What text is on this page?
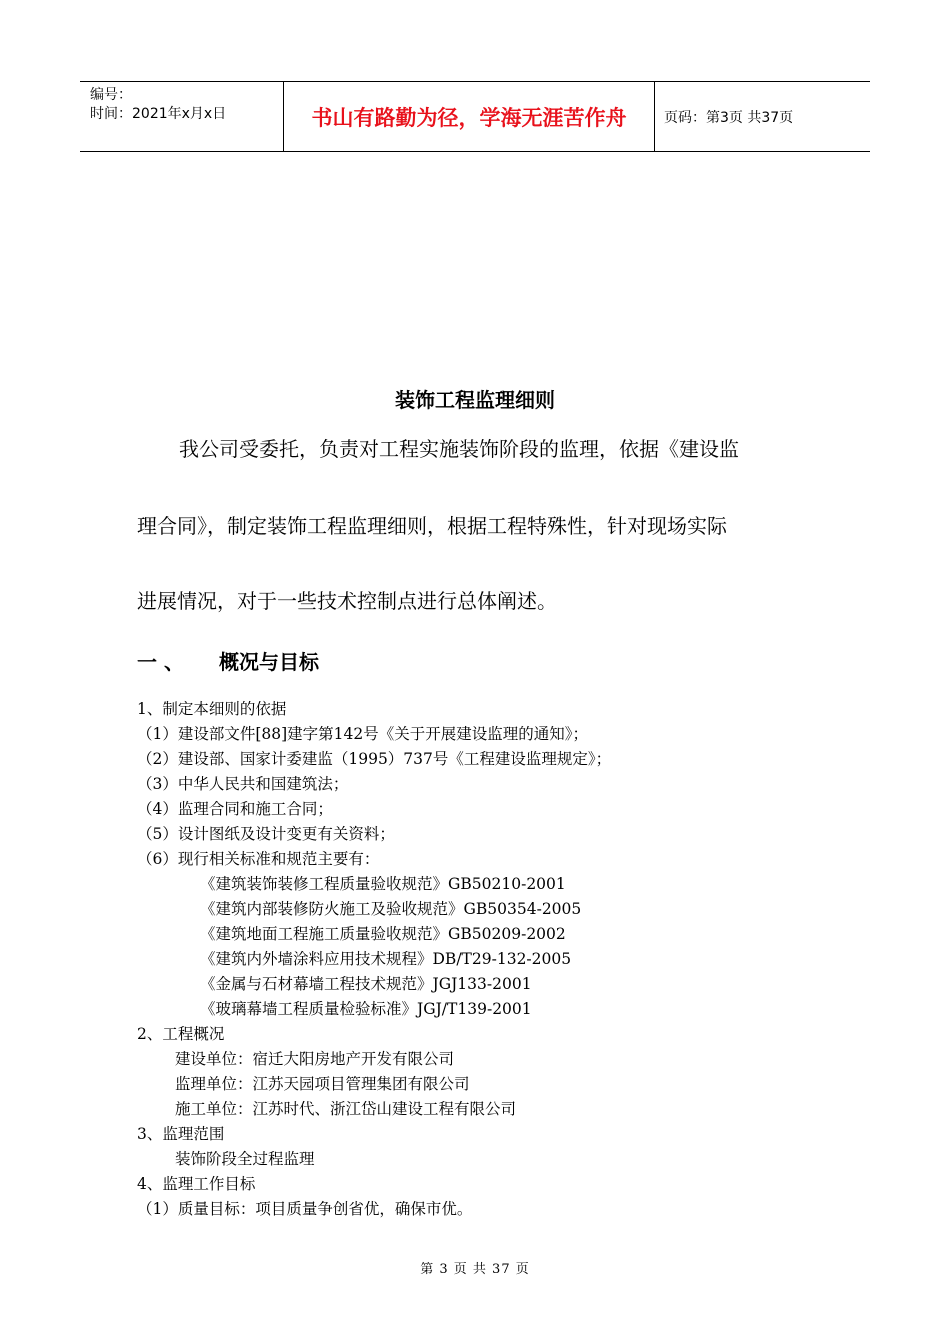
编号：
时间：2021年x月x日	书山有路勤为径，学海无涯苦作舟	页码：第3页 共37页
装饰工程监理细则
我公司受委托，负责对工程实施装饰阶段的监理，依据《建设监
理合同》，制定装饰工程监理细则，根据工程特殊性，针对现场实际
进展情况，对于一些技术控制点进行总体阐述。
一 、 概况与目标
1、制定本细则的依据
（1）建设部文件[88]建字第142号《关于开展建设监理的通知》；
（2）建设部、国家计委建监（1995）737号《工程建设监理规定》；
（3）中华人民共和国建筑法；
（4）监理合同和施工合同；
（5）设计图纸及设计变更有关资料；
（6）现行相关标准和规范主要有：
《建筑装饰装修工程质量验收规范》GB50210-2001
《建筑内部装修防火施工及验收规范》GB50354-2005
《建筑地面工程施工质量验收规范》GB50209-2002
《建筑内外墙涂料应用技术规程》DB/T29-132-2005
《金属与石材幕墙工程技术规范》JGJ133-2001
《玻璃幕墙工程质量检验标准》JGJ/T139-2001
2、工程概况
建设单位：宿迁大阳房地产开发有限公司
监理单位：江苏天园项目管理集团有限公司
施工单位：江苏时代、浙江岱山建设工程有限公司
3、监理范围
装饰阶段全过程监理
4、监理工作目标
（1）质量目标：项目质量争创省优，确保市优。
第 3 页 共 37 页
